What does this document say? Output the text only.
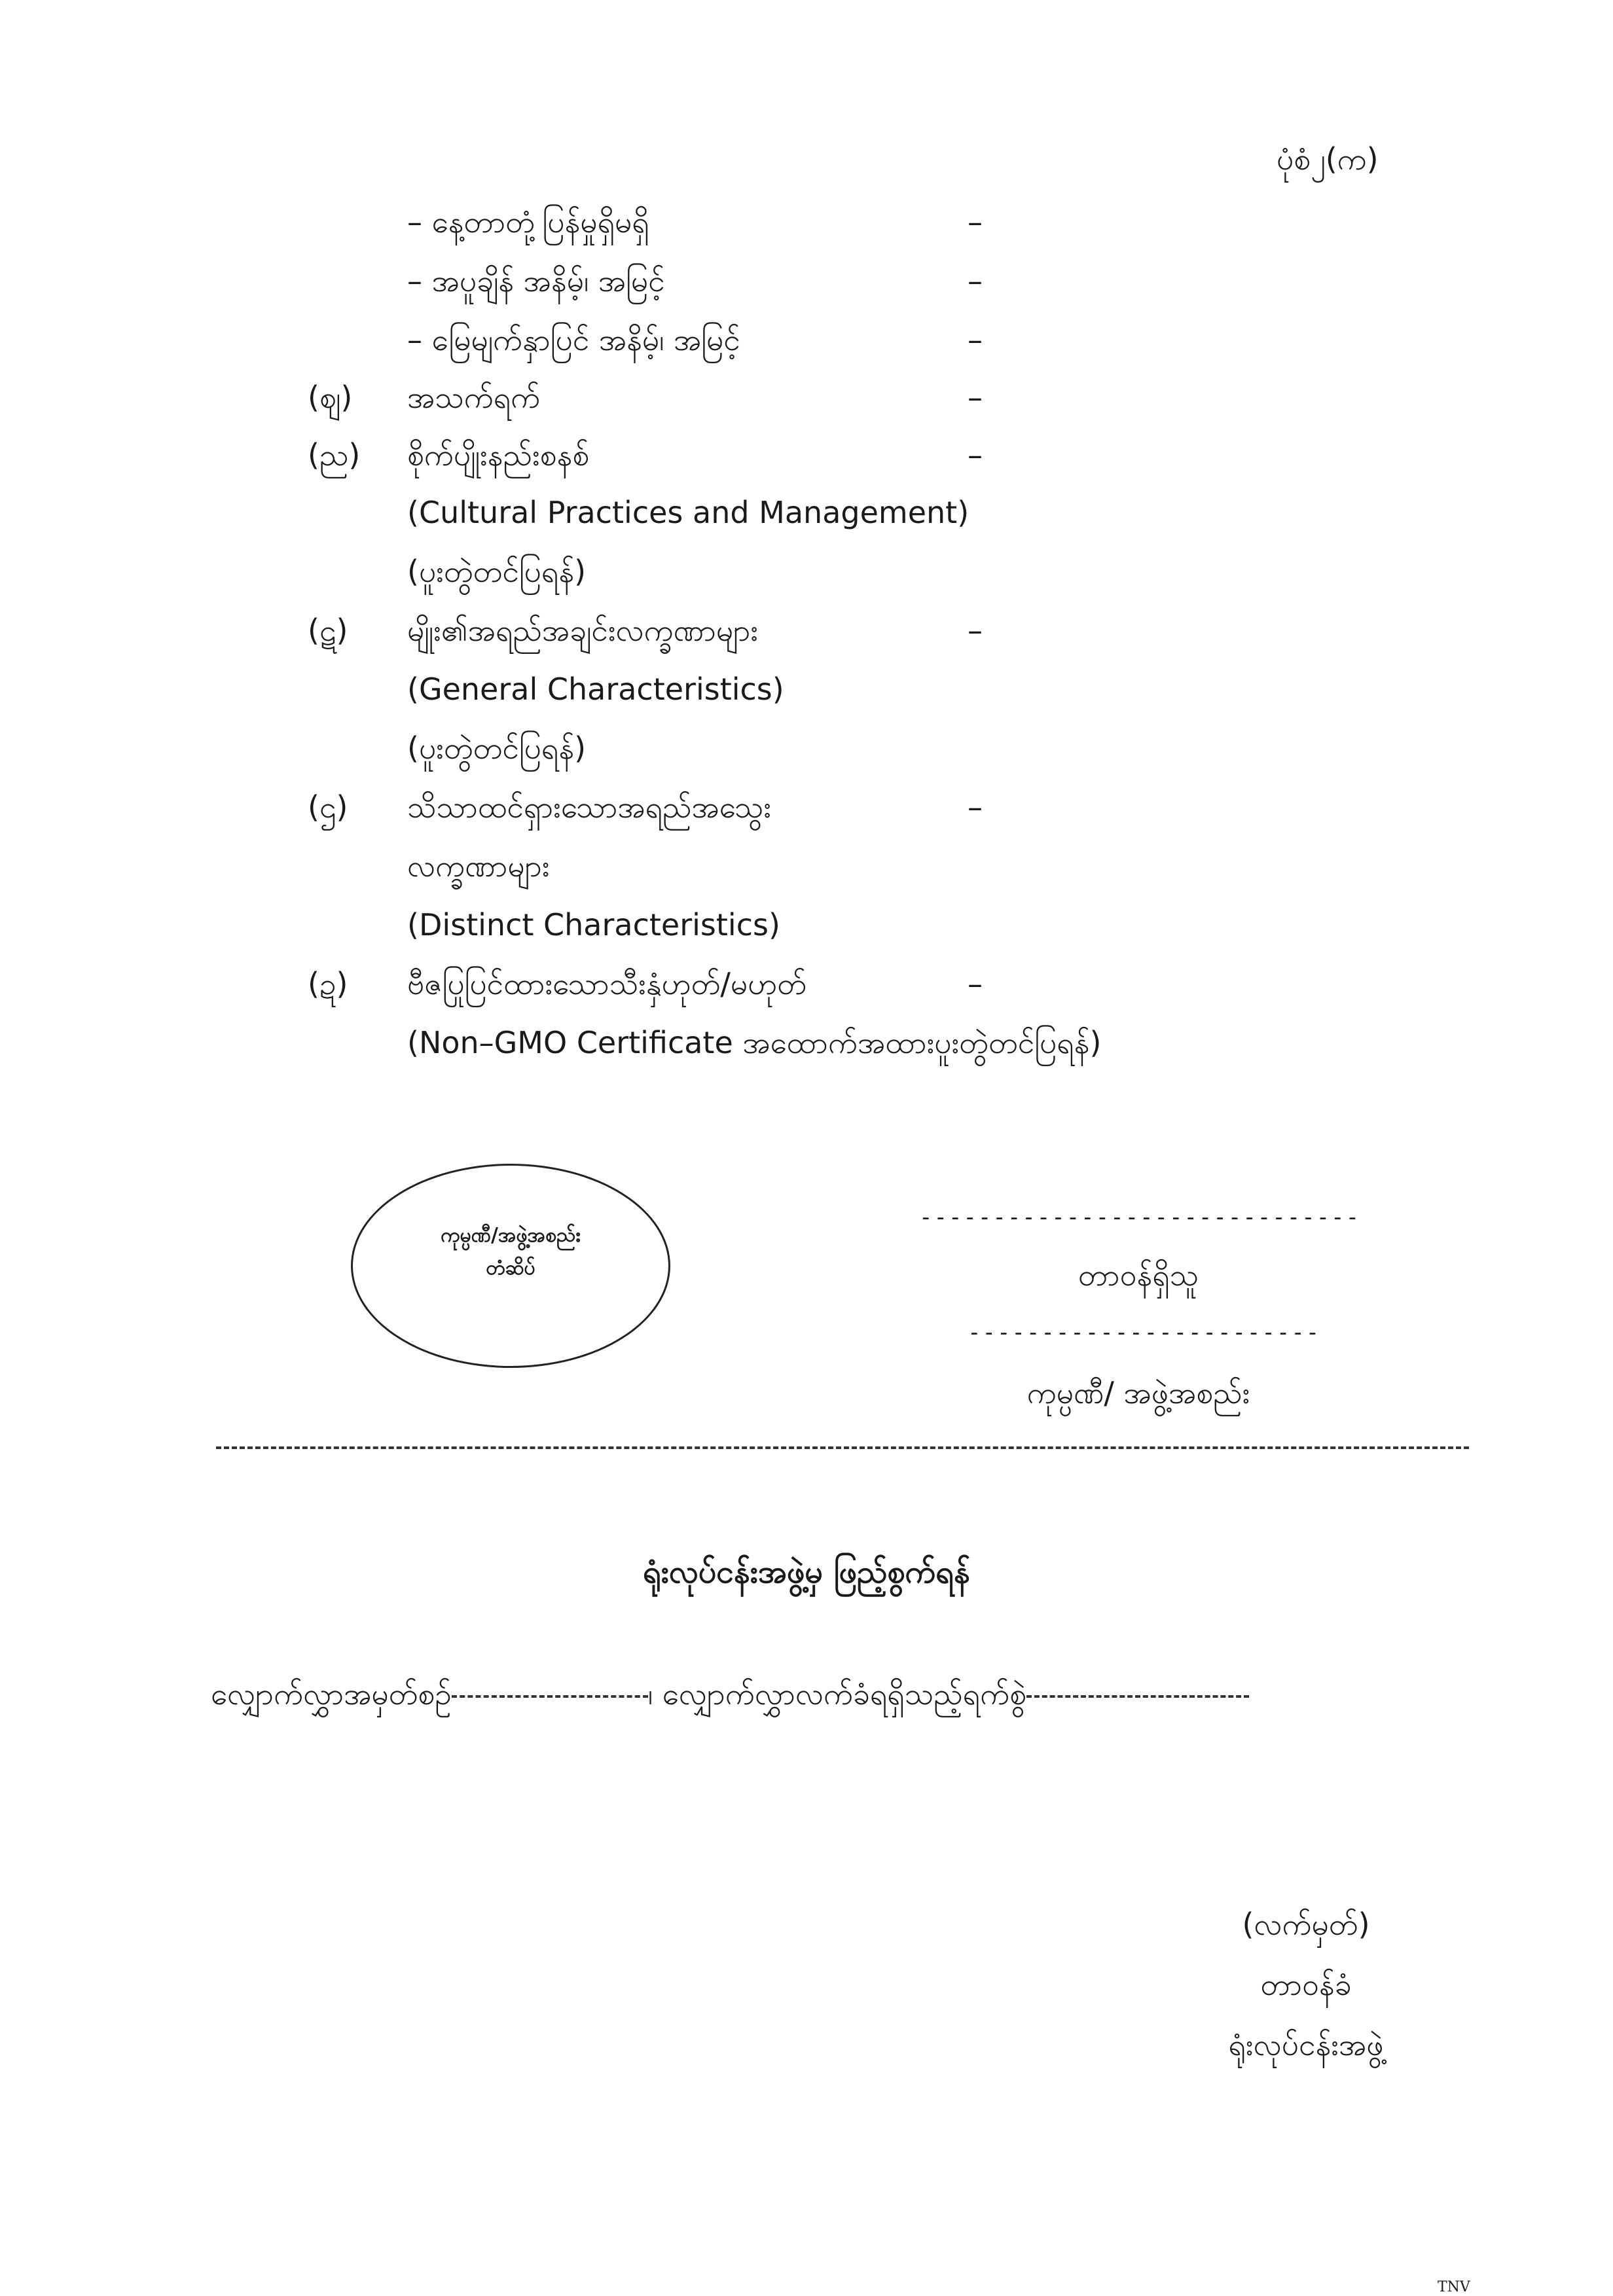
ပုံစံ၂(က)
– နေ့တာတုံ့ပြန်မှုရှိမရှိ	–
– အပူချိန် အနိမ့်၊ အမြင့်	–
– မြေမျက်နှာပြင် အနိမ့်၊ အမြင့်	–
(ဈ) အသက်ရက်	–
(ည) စိုက်ပျိုးနည်းစနစ်	–
(Cultural Practices and Management)
(ပူးတွဲတင်ပြရန်)
(ဋ) မျိုး၏အရည်အချင်းလက္ခဏာများ	–
(General Characteristics)
(ပူးတွဲတင်ပြရန်)
(ဌ) သိသာထင်ရှားသောအရည်အသွေး	–
လက္ခဏာများ
(Distinct Characteristics)
(ဍ) ဗီဇပြုပြင်ထားသောသီးနှံဟုတ်/မဟုတ်	–
(Non–GMO Certificate အထောက်အထားပူးတွဲတင်ပြရန်)
ကုမ္ပဏီ/အဖွဲ့အစည်း
တံဆိပ်
------------------------------
တာဝန်ရှိသူ
------------------------
ကုမ္ပဏီ/ အဖွဲ့အစည်း
ရုံးလုပ်ငန်းအဖွဲ့မှ ဖြည့်စွက်ရန်
လျှောက်လွှာအမှတ်စဉ်	၊ လျှောက်လွှာလက်ခံရရှိသည့်ရက်စွဲ
(လက်မှတ်)
တာဝန်ခံ
ရုံးလုပ်ငန်းအဖွဲ့
TNV
